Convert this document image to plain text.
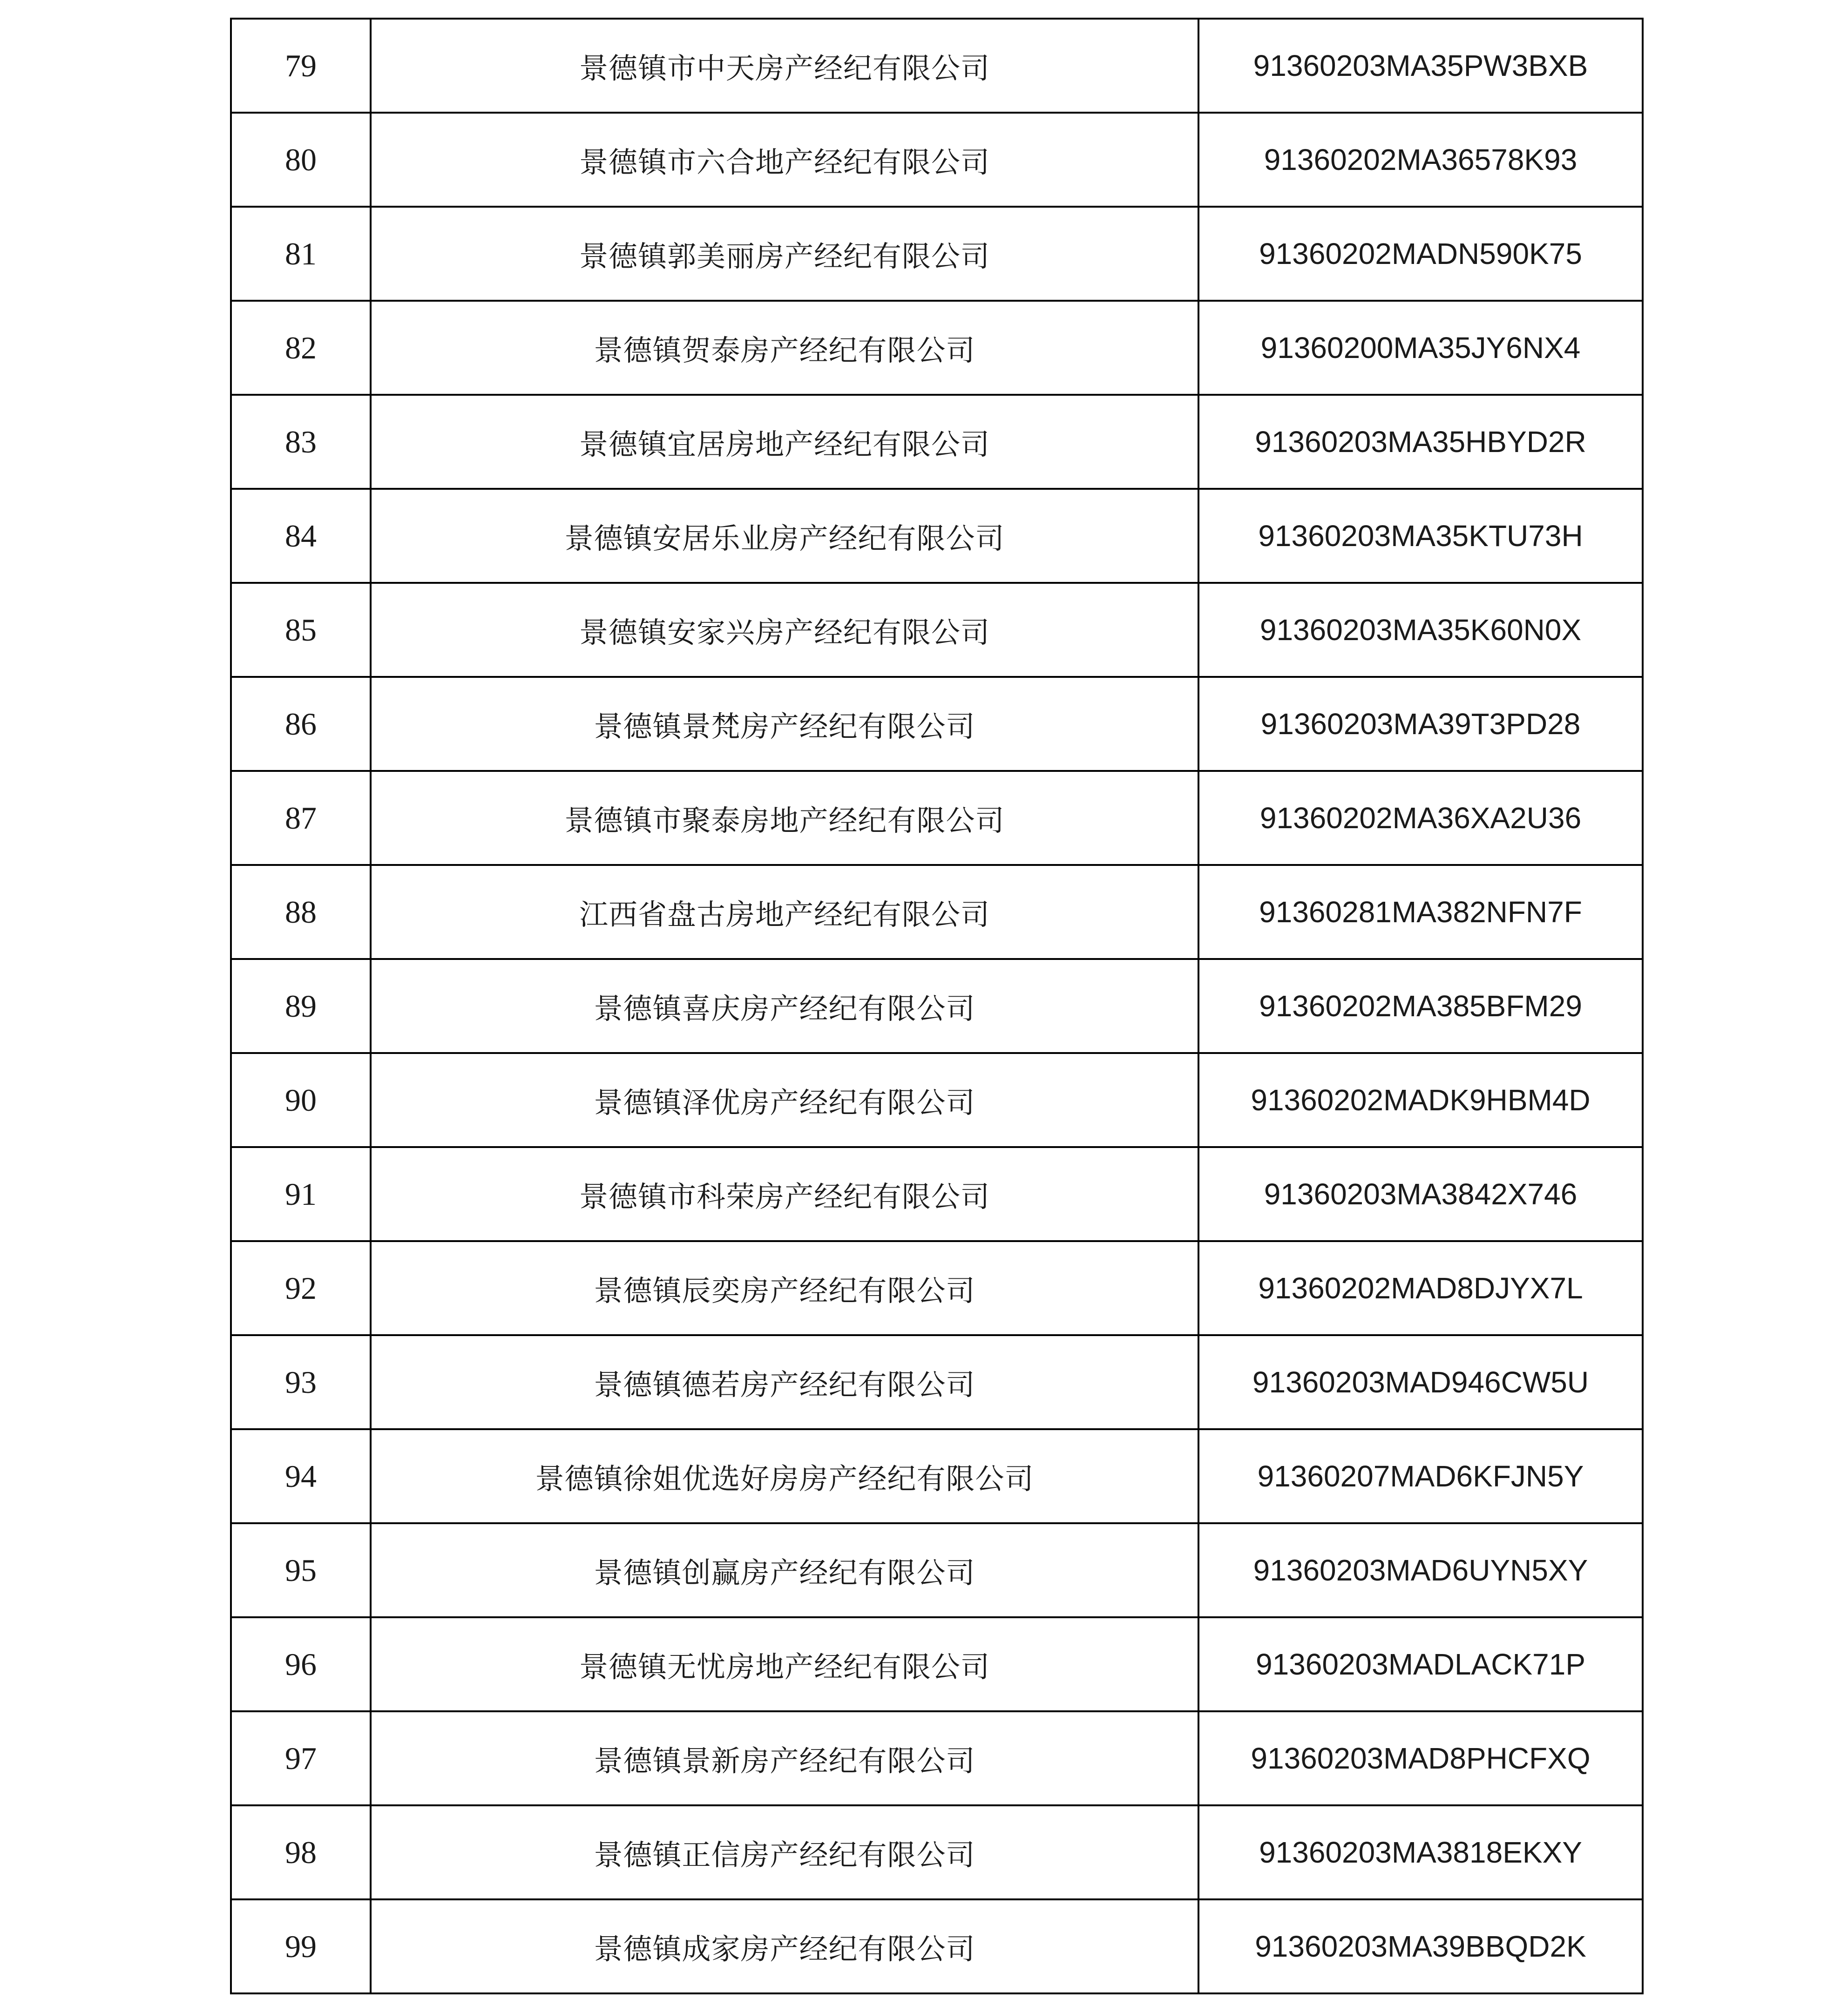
79	景德镇市中天房产经纪有限公司	91360203MA35PW3BXB
80	景德镇市六合地产经纪有限公司	91360202MA36578K93
81	景德镇郭美丽房产经纪有限公司	91360202MADN590K75
82	景德镇贺泰房产经纪有限公司	91360200MA35JY6NX4
83	景德镇宜居房地产经纪有限公司	91360203MA35HBYD2R
84	景德镇安居乐业房产经纪有限公司	91360203MA35KTU73H
85	景德镇安家兴房产经纪有限公司	91360203MA35K60N0X
86	景德镇景梵房产经纪有限公司	91360203MA39T3PD28
87	景德镇市聚泰房地产经纪有限公司	91360202MA36XA2U36
88	江西省盘古房地产经纪有限公司	91360281MA382NFN7F
89	景德镇喜庆房产经纪有限公司	91360202MA385BFM29
90	景德镇泽优房产经纪有限公司	91360202MADK9HBM4D
91	景德镇市科荣房产经纪有限公司	91360203MA3842X746
92	景德镇辰奕房产经纪有限公司	91360202MAD8DJYX7L
93	景德镇德若房产经纪有限公司	91360203MAD946CW5U
94	景德镇徐姐优选好房房产经纪有限公司	91360207MAD6KFJN5Y
95	景德镇创赢房产经纪有限公司	91360203MAD6UYN5XY
96	景德镇无忧房地产经纪有限公司	91360203MADLACK71P
97	景德镇景新房产经纪有限公司	91360203MAD8PHCFXQ
98	景德镇正信房产经纪有限公司	91360203MA3818EKXY
99	景德镇成家房产经纪有限公司	91360203MA39BBQD2K
